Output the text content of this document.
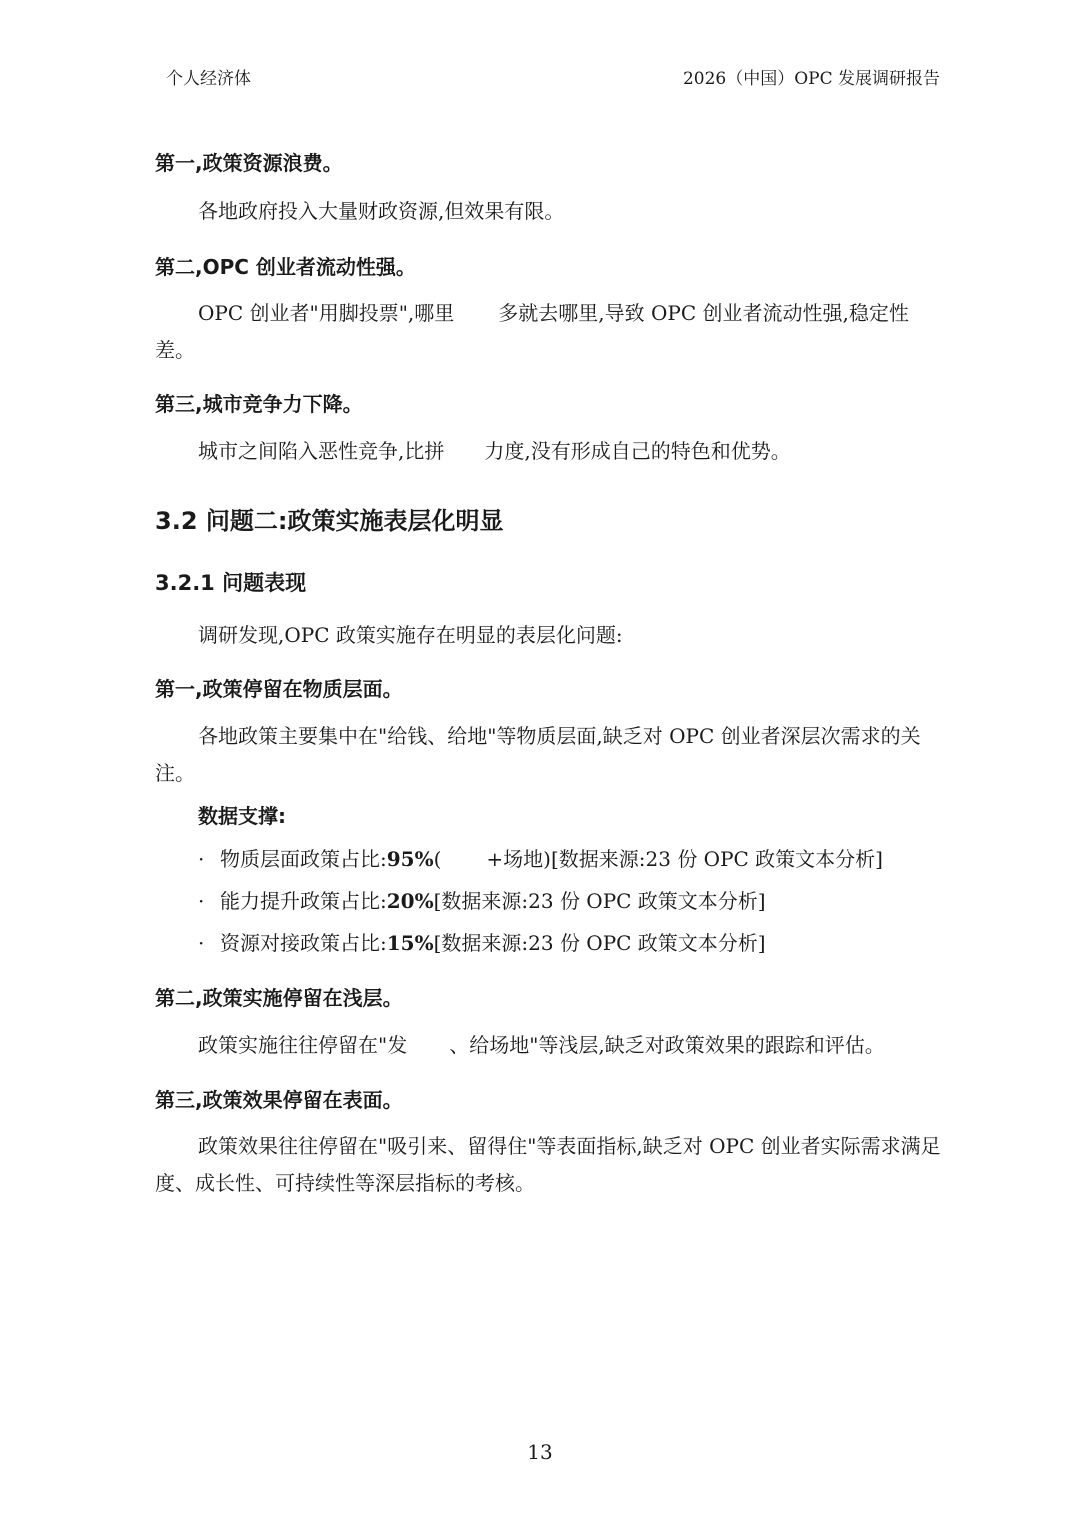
个人经济体	2026（中国）OPC 发展调研报告
第一,政策资源浪费。
各地政府投入大量财政资源,但效果有限。
第二,OPC 创业者流动性强。
OPC 创业者"用脚投票",哪里 多就去哪里,导致 OPC 创业者流动性强,稳定性
差。
第三,城市竞争力下降。
城市之间陷入恶性竞争,比拼 力度,没有形成自己的特色和优势。
3.2 问题二:政策实施表层化明显
3.2.1 问题表现
调研发现,OPC 政策实施存在明显的表层化问题:
第一,政策停留在物质层面。

各地政策主要集中在"给钱、给地"等物质层面,缺乏对 OPC 创业者深层次需求的关注。

数据支撑:
· 物质层面政策占比:95%( +场地)[数据来源:23 份 OPC 政策文本分析]
· 能力提升政策占比:20%[数据来源:23 份 OPC 政策文本分析]
· 资源对接政策占比:15%[数据来源:23 份 OPC 政策文本分析]
第二,政策实施停留在浅层。
政策实施往往停留在"发 、给场地"等浅层,缺乏对政策效果的跟踪和评估。
第三,政策效果停留在表面。

政策效果往往停留在"吸引来、留得住"等表面指标,缺乏对 OPC 创业者实际需求满足度、成长性、可持续性等深层指标的考核。

13
